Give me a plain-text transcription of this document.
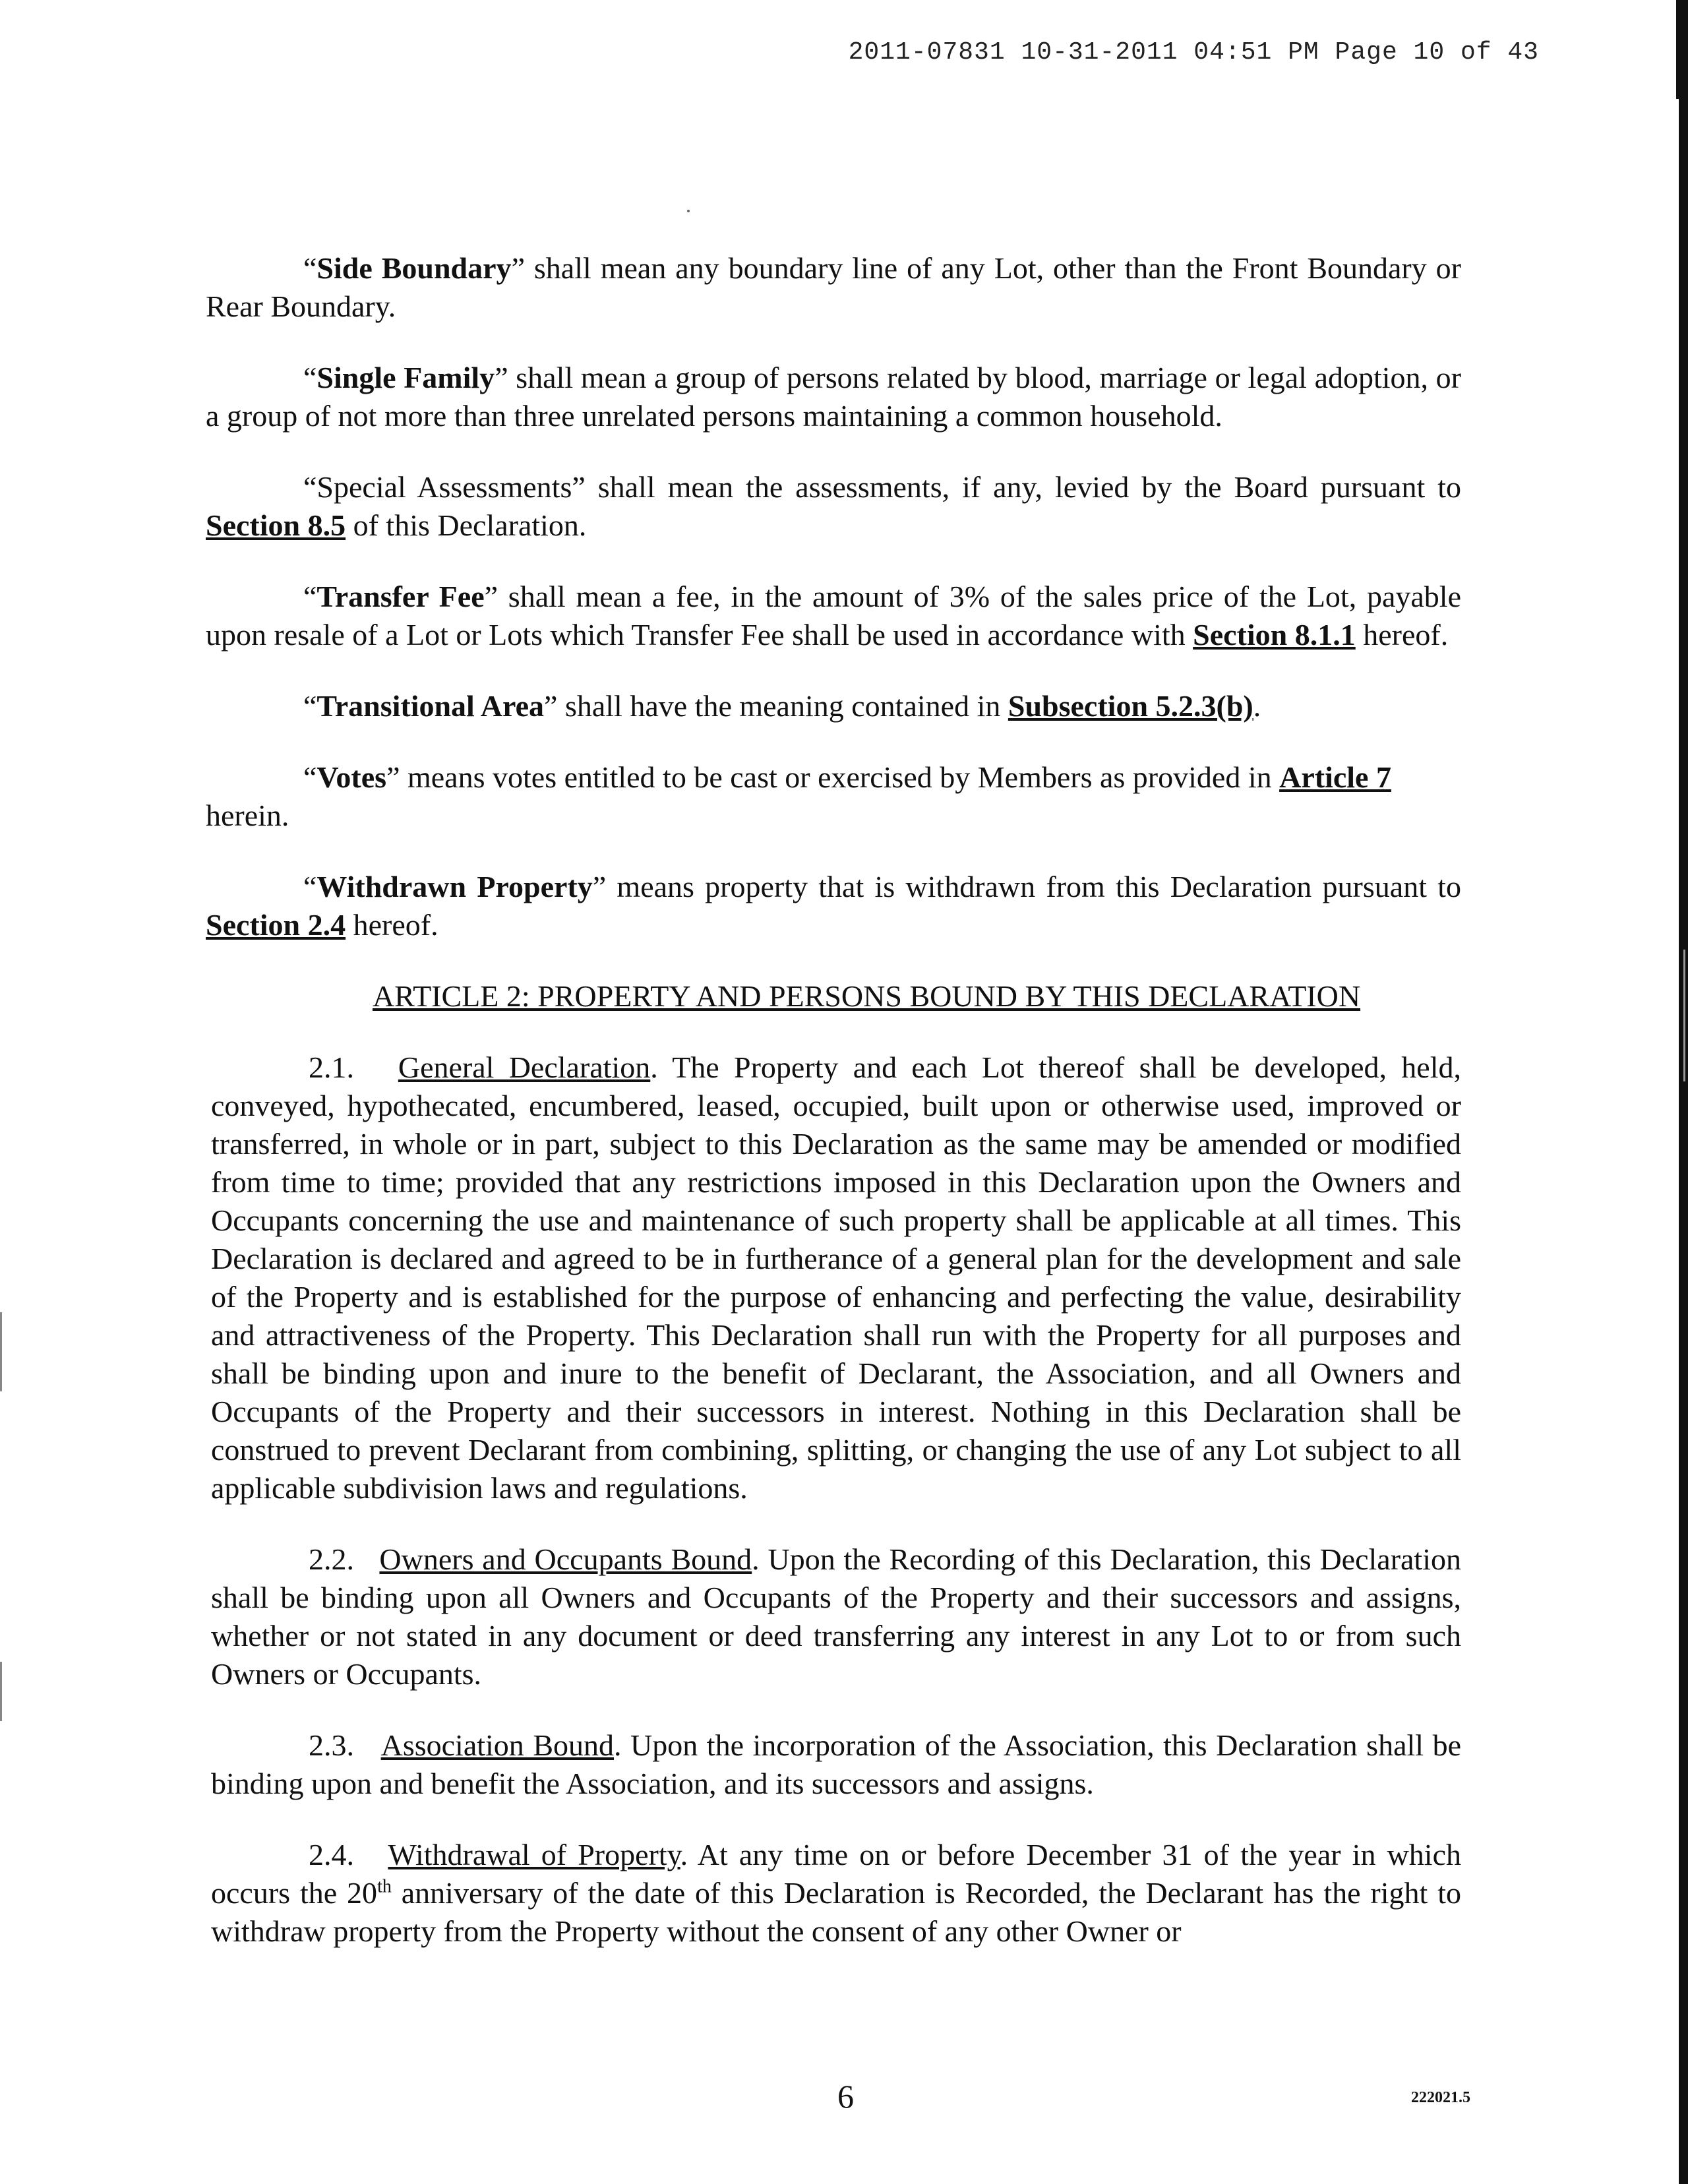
2011-07831 10-31-2011 04:51 PM Page 10 of 43

“Side Boundary” shall mean any boundary line of any Lot, other than the Front Boundary or Rear Boundary.

“Single Family” shall mean a group of persons related by blood, marriage or legal adoption, or a group of not more than three unrelated persons maintaining a common household.

“Special Assessments” shall mean the assessments, if any, levied by the Board pursuant to Section 8.5 of this Declaration.

“Transfer Fee” shall mean a fee, in the amount of 3% of the sales price of the Lot, payable upon resale of a Lot or Lots which Transfer Fee shall be used in accordance with Section 8.1.1 hereof.

“Transitional Area” shall have the meaning contained in Subsection 5.2.3(b).

“Votes” means votes entitled to be cast or exercised by Members as provided in Article 7
herein.

“Withdrawn Property” means property that is withdrawn from this Declaration pursuant to Section 2.4 hereof.

ARTICLE 2: PROPERTY AND PERSONS BOUND BY THIS DECLARATION

2.1. General Declaration. The Property and each Lot thereof shall be developed, held, conveyed, hypothecated, encumbered, leased, occupied, built upon or otherwise used, improved or transferred, in whole or in part, subject to this Declaration as the same may be amended or modified from time to time; provided that any restrictions imposed in this Declaration upon the Owners and Occupants concerning the use and maintenance of such property shall be applicable at all times. This Declaration is declared and agreed to be in furtherance of a general plan for the development and sale of the Property and is established for the purpose of enhancing and perfecting the value, desirability and attractiveness of the Property. This Declaration shall run with the Property for all purposes and shall be binding upon and inure to the benefit of Declarant, the Association, and all Owners and Occupants of the Property and their successors in interest. Nothing in this Declaration shall be construed to prevent Declarant from combining, splitting, or changing the use of any Lot subject to all applicable subdivision laws and regulations.

2.2. Owners and Occupants Bound. Upon the Recording of this Declaration, this Declaration shall be binding upon all Owners and Occupants of the Property and their successors and assigns, whether or not stated in any document or deed transferring any interest in any Lot to or from such Owners or Occupants.

2.3. Association Bound. Upon the incorporation of the Association, this Declaration shall be binding upon and benefit the Association, and its successors and assigns.

2.4. Withdrawal of Property. At any time on or before December 31 of the year in which occurs the 20th anniversary of the date of this Declaration is Recorded, the Declarant has the right to withdraw property from the Property without the consent of any other Owner or

6	222021.5
